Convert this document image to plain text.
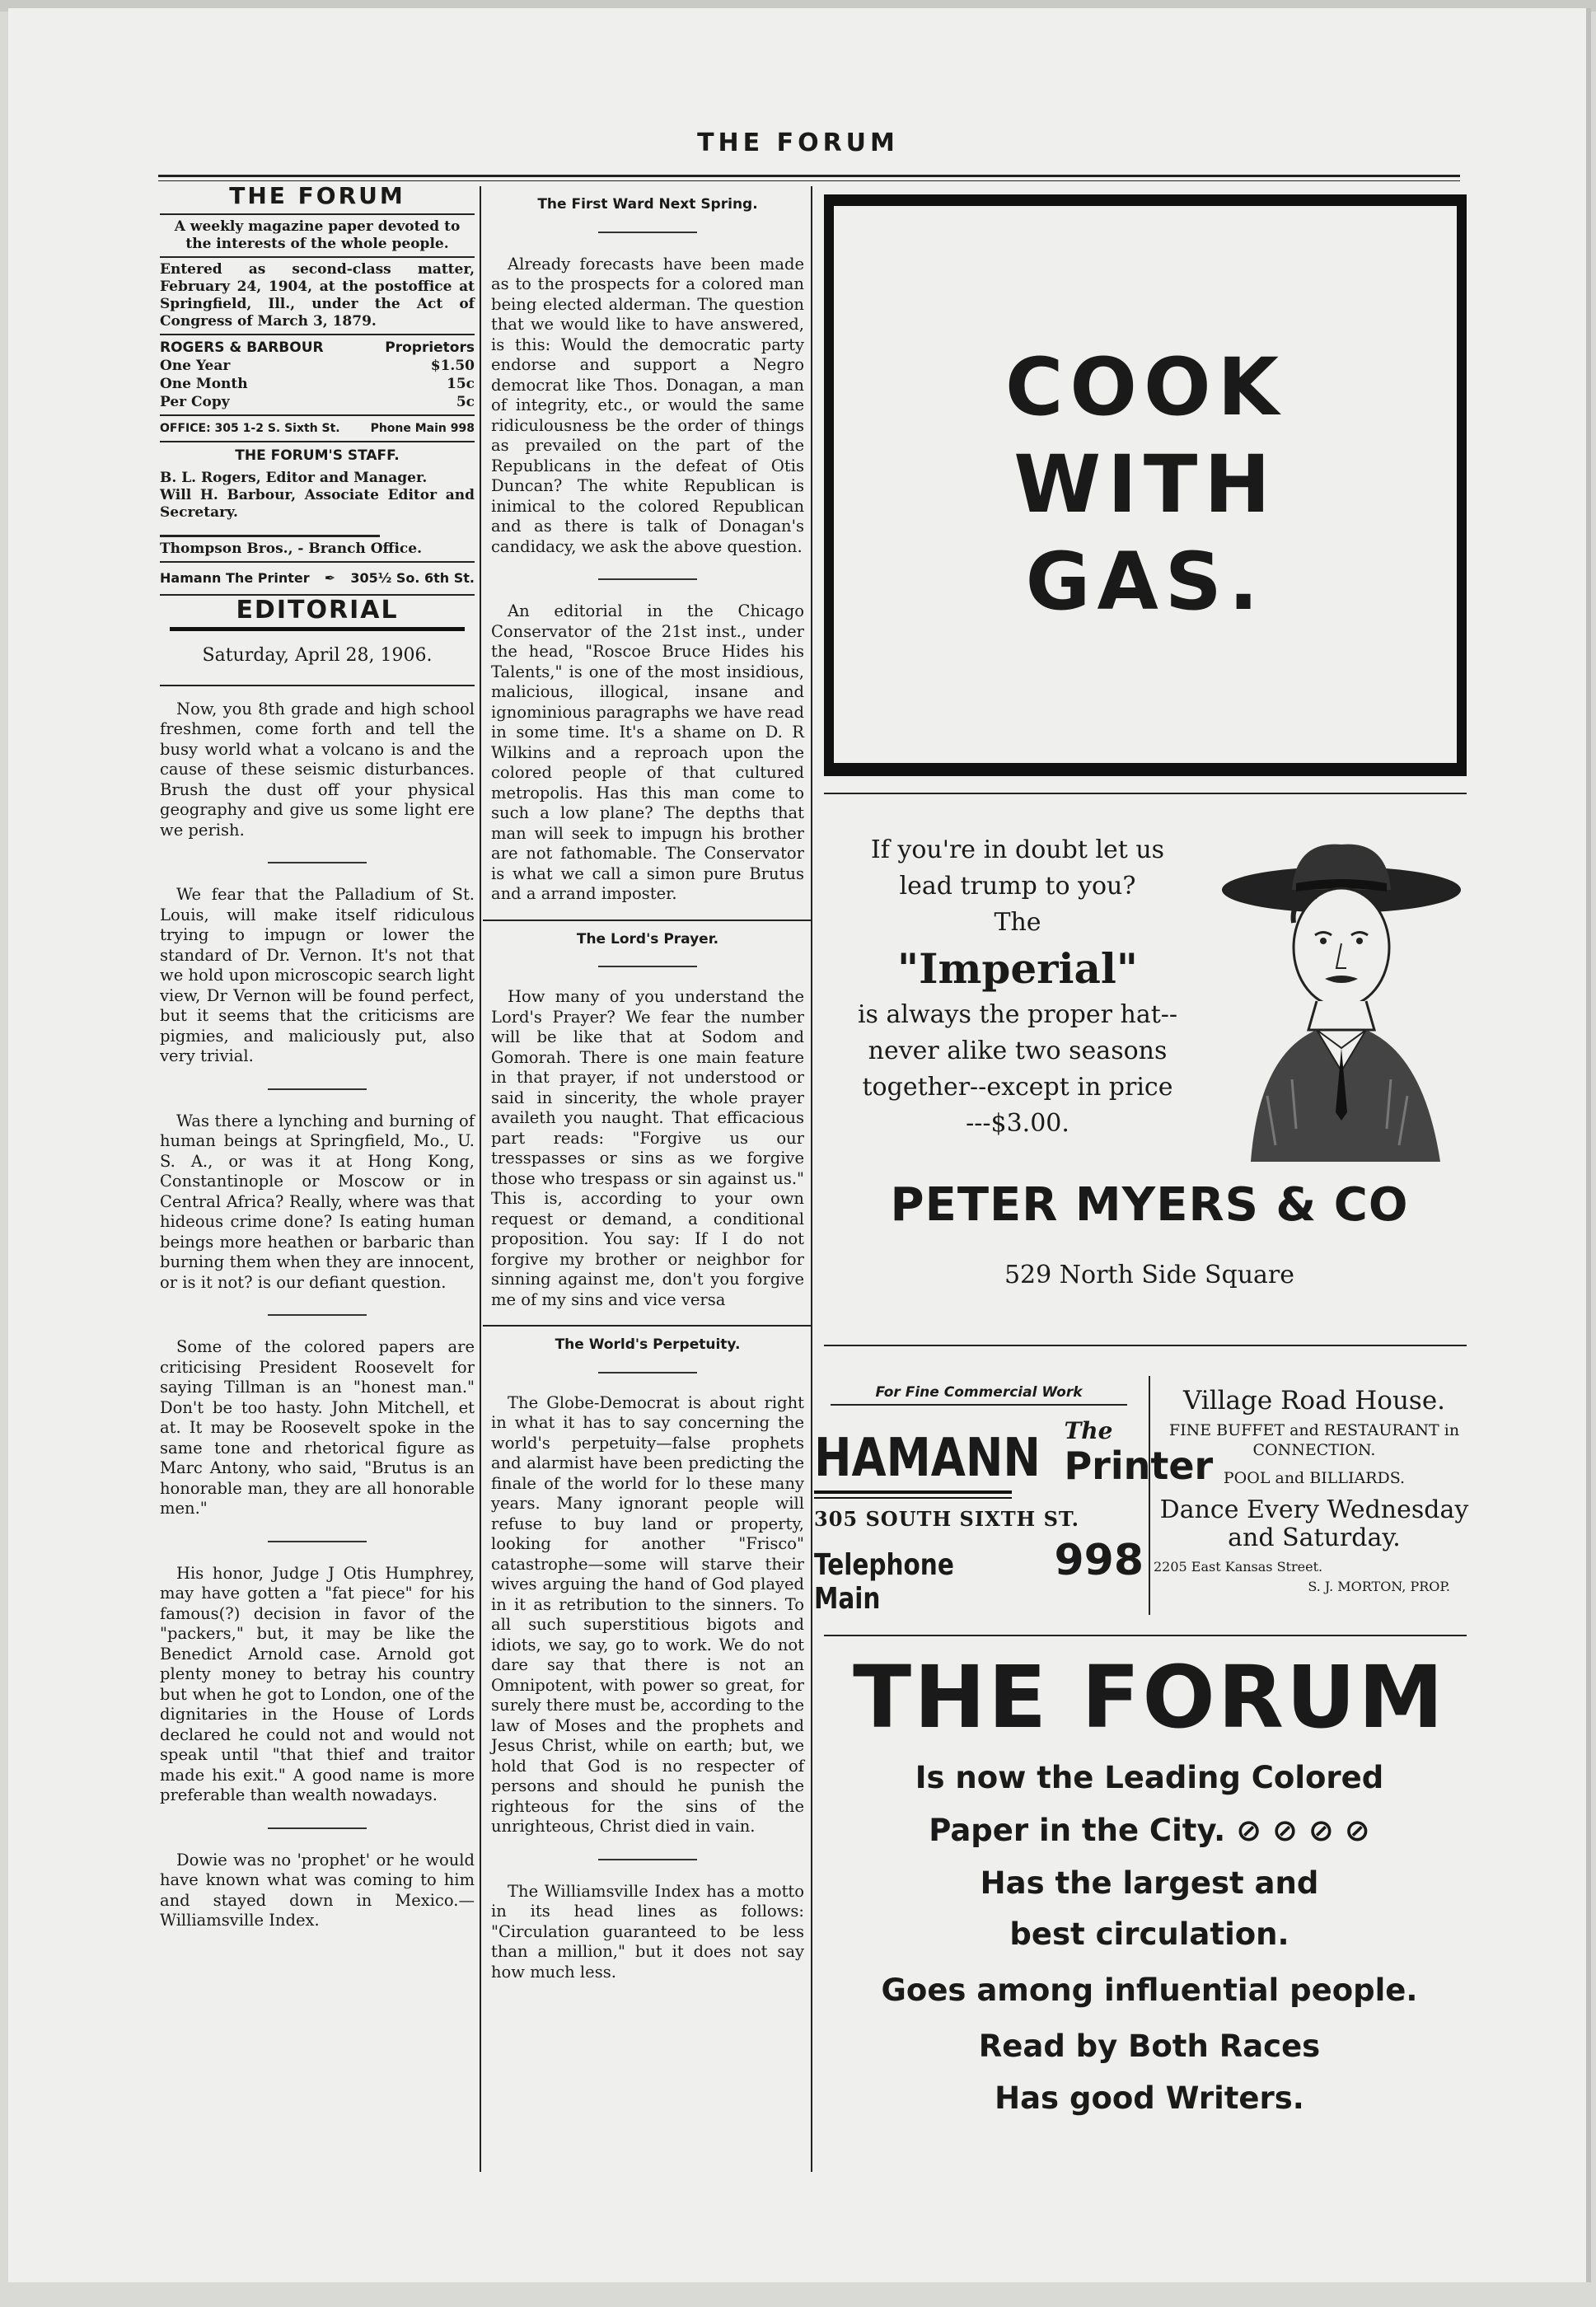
THE FORUM
THE FORUM
A weekly magazine paper devoted to the interests of the whole people.
Entered as second-class matter, February 24, 1904, at the postoffice at Springfield, Ill., under the Act of Congress of March 3, 1879.
ROGERS & BARBOUR	Proprietors
One Year	$1.50
One Month	15c
Per Copy	5c
OFFICE: 305 1-2 S. Sixth St.	Phone Main 998
THE FORUM'S STAFF.
B. L. Rogers, Editor and Manager.
Will H. Barbour, Associate Editor and Secretary.
Thompson Bros., - Branch Office.
Hamann The Printer ✒ 305½ So. 6th St.
EDITORIAL
Saturday, April 28, 1906.

Now, you 8th grade and high school freshmen, come forth and tell the busy world what a volcano is and the cause of these seismic disturbances. Brush the dust off your physical geography and give us some light ere we perish.

We fear that the Palladium of St. Louis, will make itself ridiculous trying to impugn or lower the standard of Dr. Vernon. It's not that we hold upon microscopic search light view, Dr Vernon will be found perfect, but it seems that the criticisms are pigmies, and maliciously put, also very trivial.

Was there a lynching and burning of human beings at Springfield, Mo., U. S. A., or was it at Hong Kong, Constantinople or Moscow or in Central Africa? Really, where was that hideous crime done? Is eating human beings more heathen or barbaric than burning them when they are innocent, or is it not? is our defiant question.

Some of the colored papers are criticising President Roosevelt for saying Tillman is an "honest man." Don't be too hasty. John Mitchell, et at. It may be Roosevelt spoke in the same tone and rhetorical figure as Marc Antony, who said, "Brutus is an honorable man, they are all honorable men."

His honor, Judge J Otis Humphrey, may have gotten a "fat piece" for his famous(?) decision in favor of the "packers," but, it may be like the Benedict Arnold case. Arnold got plenty money to betray his country but when he got to London, one of the dignitaries in the House of Lords declared he could not and would not speak until "that thief and traitor made his exit." A good name is more preferable than wealth nowadays.

Dowie was no 'prophet' or he would have known what was coming to him and stayed down in Mexico.—Williamsville Index.

The First Ward Next Spring.

Already forecasts have been made as to the prospects for a colored man being elected alderman. The question that we would like to have answered, is this: Would the democratic party endorse and support a Negro democrat like Thos. Donagan, a man of integrity, etc., or would the same ridiculousness be the order of things as prevailed on the part of the Republicans in the defeat of Otis Duncan? The white Republican is inimical to the colored Republican and as there is talk of Donagan's candidacy, we ask the above question.

An editorial in the Chicago Conservator of the 21st inst., under the head, "Roscoe Bruce Hides his Talents," is one of the most insidious, malicious, illogical, insane and ignominious paragraphs we have read in some time. It's a shame on D. R Wilkins and a reproach upon the colored people of that cultured metropolis. Has this man come to such a low plane? The depths that man will seek to impugn his brother are not fathomable. The Conservator is what we call a simon pure Brutus and a arrand imposter.

The Lord's Prayer.

How many of you understand the Lord's Prayer? We fear the number will be like that at Sodom and Gomorah. There is one main feature in that prayer, if not understood or said in sincerity, the whole prayer availeth you naught. That efficacious part reads: "Forgive us our tresspasses or sins as we forgive those who trespass or sin against us." This is, according to your own request or demand, a conditional proposition. You say: If I do not forgive my brother or neighbor for sinning against me, don't you forgive me of my sins and vice versa

The World's Perpetuity.

The Globe-Democrat is about right in what it has to say concerning the world's perpetuity—false prophets and alarmist have been predicting the finale of the world for lo these many years. Many ignorant people will refuse to buy land or property, looking for another "Frisco" catastrophe—some will starve their wives arguing the hand of God played in it as retribution to the sinners. To all such superstitious bigots and idiots, we say, go to work. We do not dare say that there is not an Omnipotent, with power so great, for surely there must be, according to the law of Moses and the prophets and Jesus Christ, while on earth; but, we hold that God is no respecter of persons and should he punish the righteous for the sins of the unrighteous, Christ died in vain.

The Williamsville Index has a motto in its head lines as follows: "Circulation guaranteed to be less than a million," but it does not say how much less.

COOK
WITH
GAS.
If you're in doubt let us
lead trump to you?
The
"Imperial"
is always the proper hat--
never alike two seasons
together--except in price
---$3.00.
PETER MYERS & CO
529 North Side Square
For Fine Commercial Work
HAMANN The
Printer
305 SOUTH SIXTH ST.
Telephone Main
998
Village Road House.
FINE BUFFET and RESTAURANT in CONNECTION.
POOL and BILLIARDS.
Dance Every Wednesday and Saturday.
2205 East Kansas Street.
S. J. MORTON, PROP.
THE FORUM
Is now the Leading Colored
Paper in the City. ⊘ ⊘ ⊘ ⊘
Has the largest and
best circulation.
Goes among influential people.
Read by Both Races
Has good Writers.
